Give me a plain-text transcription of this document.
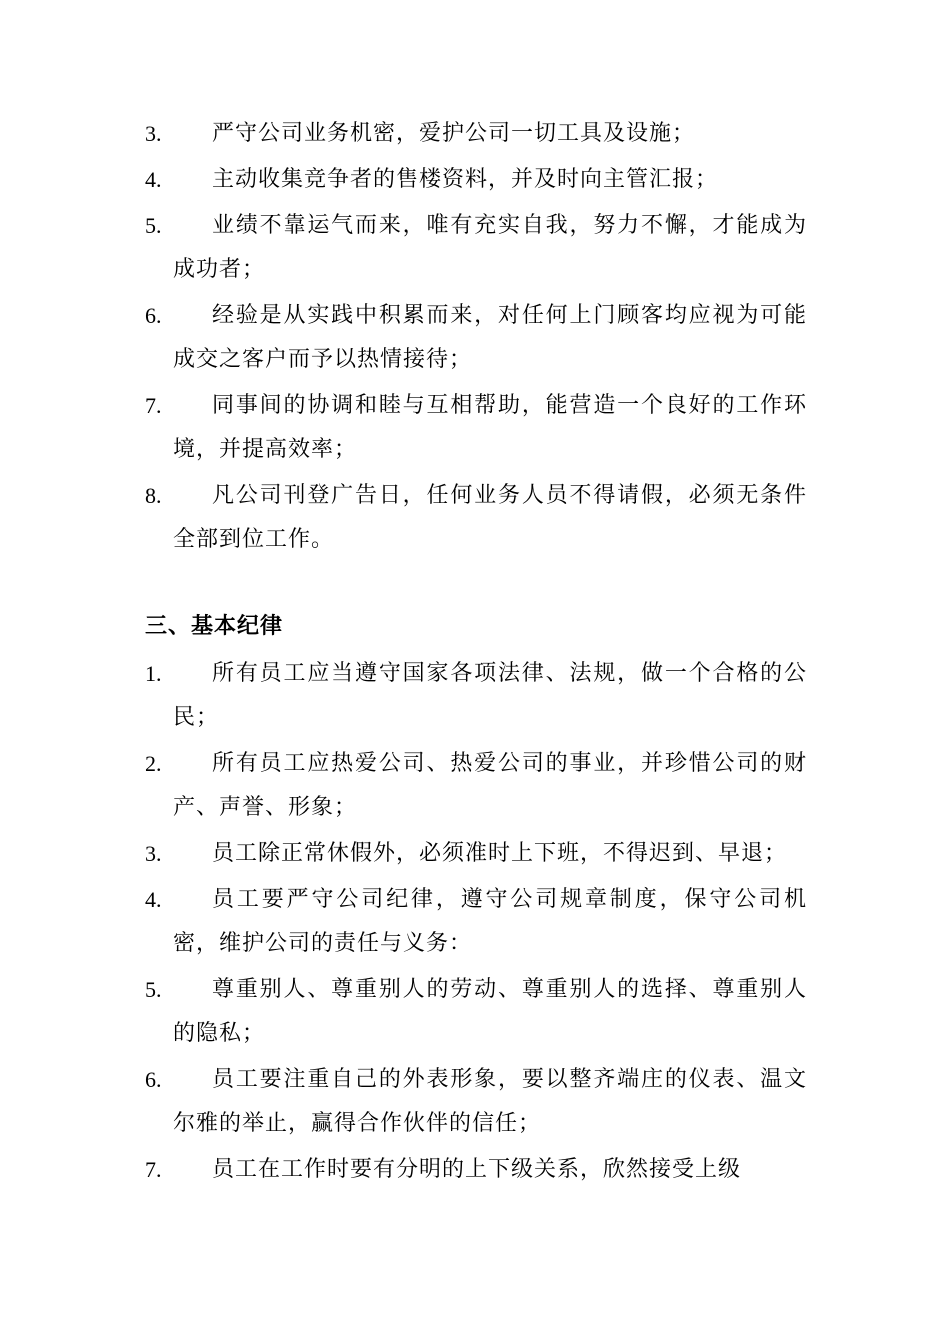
3.	严守公司业务机密，爱护公司一切工具及设施；
4.	主动收集竞争者的售楼资料，并及时向主管汇报；
5.	业绩不靠运气而来，唯有充实自我，努力不懈，才能成为成功者；
6.	经验是从实践中积累而来，对任何上门顾客均应视为可能成交之客户而予以热情接待；
7.	同事间的协调和睦与互相帮助，能营造一个良好的工作环境，并提高效率；
8.	凡公司刊登广告日，任何业务人员不得请假，必须无条件全部到位工作。
三、基本纪律
1.	所有员工应当遵守国家各项法律、法规，做一个合格的公民；
2.	所有员工应热爱公司、热爱公司的事业，并珍惜公司的财产、声誉、形象；
3.	员工除正常休假外，必须准时上下班，不得迟到、早退；
4.	员工要严守公司纪律，遵守公司规章制度，保守公司机密，维护公司的责任与义务：
5.	尊重别人、尊重别人的劳动、尊重别人的选择、尊重别人的隐私；
6.	员工要注重自己的外表形象，要以整齐端庄的仪表、温文尔雅的举止，赢得合作伙伴的信任；
7.	员工在工作时要有分明的上下级关系，欣然接受上级
